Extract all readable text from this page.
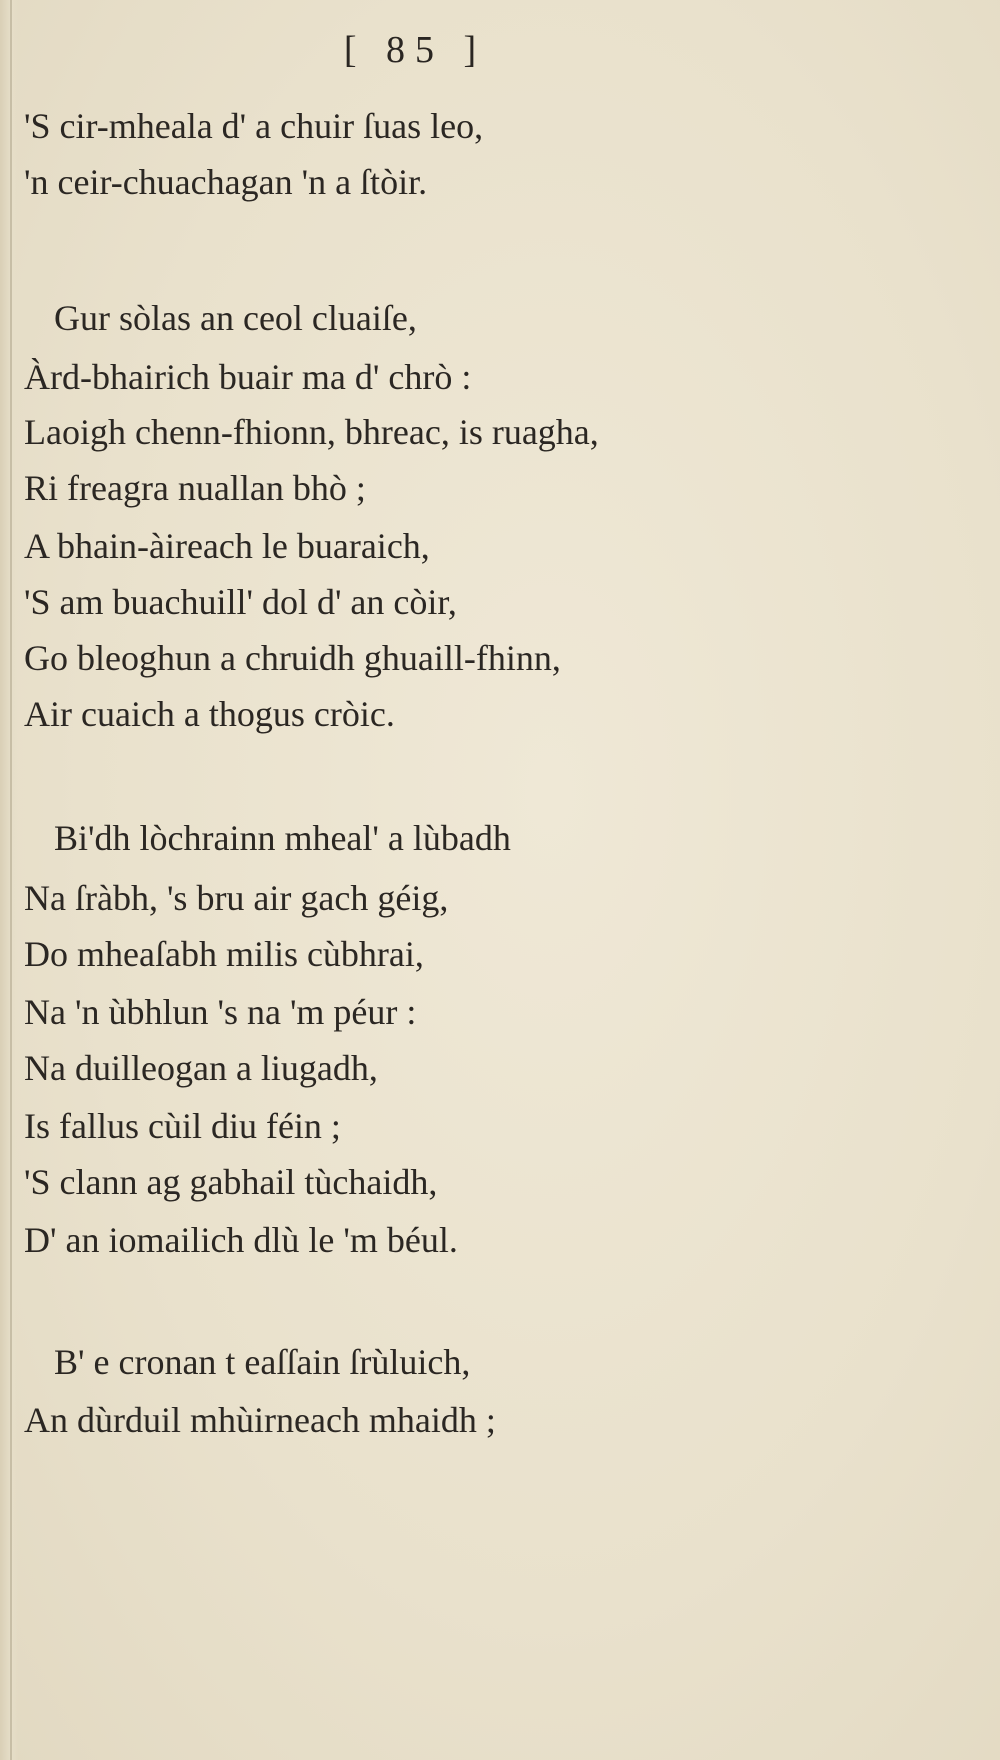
[ 85 ]
'S cir-mheala d' a chuir ſuas leo,
'n ceir-chuachagan 'n a ſtòir.
Gur sòlas an ceol cluaiſe,
Àrd-bhairich buair ma d' chrò :
Laoigh chenn-fhionn, bhreac, is ruagha,
Ri freagra nuallan bhò ;
A bhain-àireach le buaraich,
'S am buachuill' dol d' an còir,
Go bleoghun a chruidh ghuaill-fhinn,
Air cuaich a thogus cròic.
Bi'dh lòchrainn mheal' a lùbadh
Na ſràbh, 's bru air gach géig,
Do mheaſabh milis cùbhrai,
Na 'n ùbhlun 's na 'm péur :
Na duilleogan a liugadh,
Is fallus cùil diu féin ;
'S clann ag gabhail tùchaidh,
D' an iomailich dlù le 'm béul.
B' e cronan t eaſſain ſrùluich,
An dùrduil mhùirneach mhaidh ;
